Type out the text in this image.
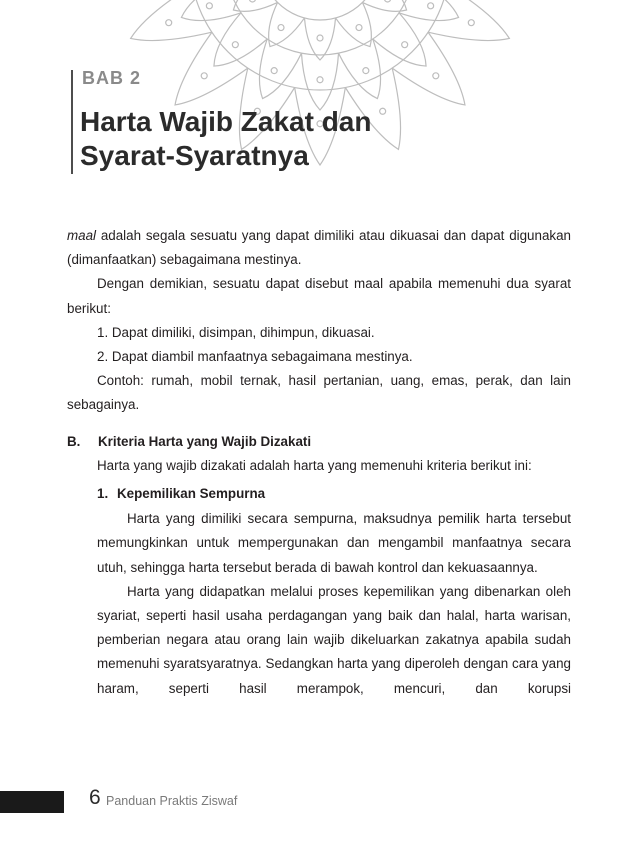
BAB 2
Harta Wajib Zakat dan
Syarat-Syaratnya

maal adalah segala sesuatu yang dapat dimiliki atau dikuasai dan dapat digunakan (dimanfaatkan) sebagaimana mestinya.

Dengan demikian, sesuatu dapat disebut maal apabila memenuhi dua syarat berikut:

1. Dapat dimiliki, disimpan, dihimpun, dikuasai.

2. Dapat diambil manfaatnya sebagaimana mestinya.

Contoh: rumah, mobil ternak, hasil pertanian, uang, emas, perak, dan lain sebagainya.

B. Kriteria Harta yang Wajib Dizakati

Harta yang wajib dizakati adalah harta yang memenuhi kriteria berikut ini:

1. Kepemilikan Sempurna

Harta yang dimiliki secara sempurna, maksudnya pemilik harta tersebut memungkinkan untuk mempergunakan dan mengambil manfaatnya secara utuh, sehingga harta tersebut berada di bawah kontrol dan kekuasaannya.

Harta yang didapatkan melalui proses kepemilikan yang dibenarkan oleh syariat, seperti hasil usaha perdagangan yang baik dan halal, harta warisan, pemberian negara atau orang lain wajib dikeluarkan zakatnya apabila sudah memenuhi syaratsyaratnya. Sedangkan harta yang diperoleh dengan cara yang haram, seperti hasil merampok, mencuri, dan korupsi

6 Panduan Praktis Ziswaf
